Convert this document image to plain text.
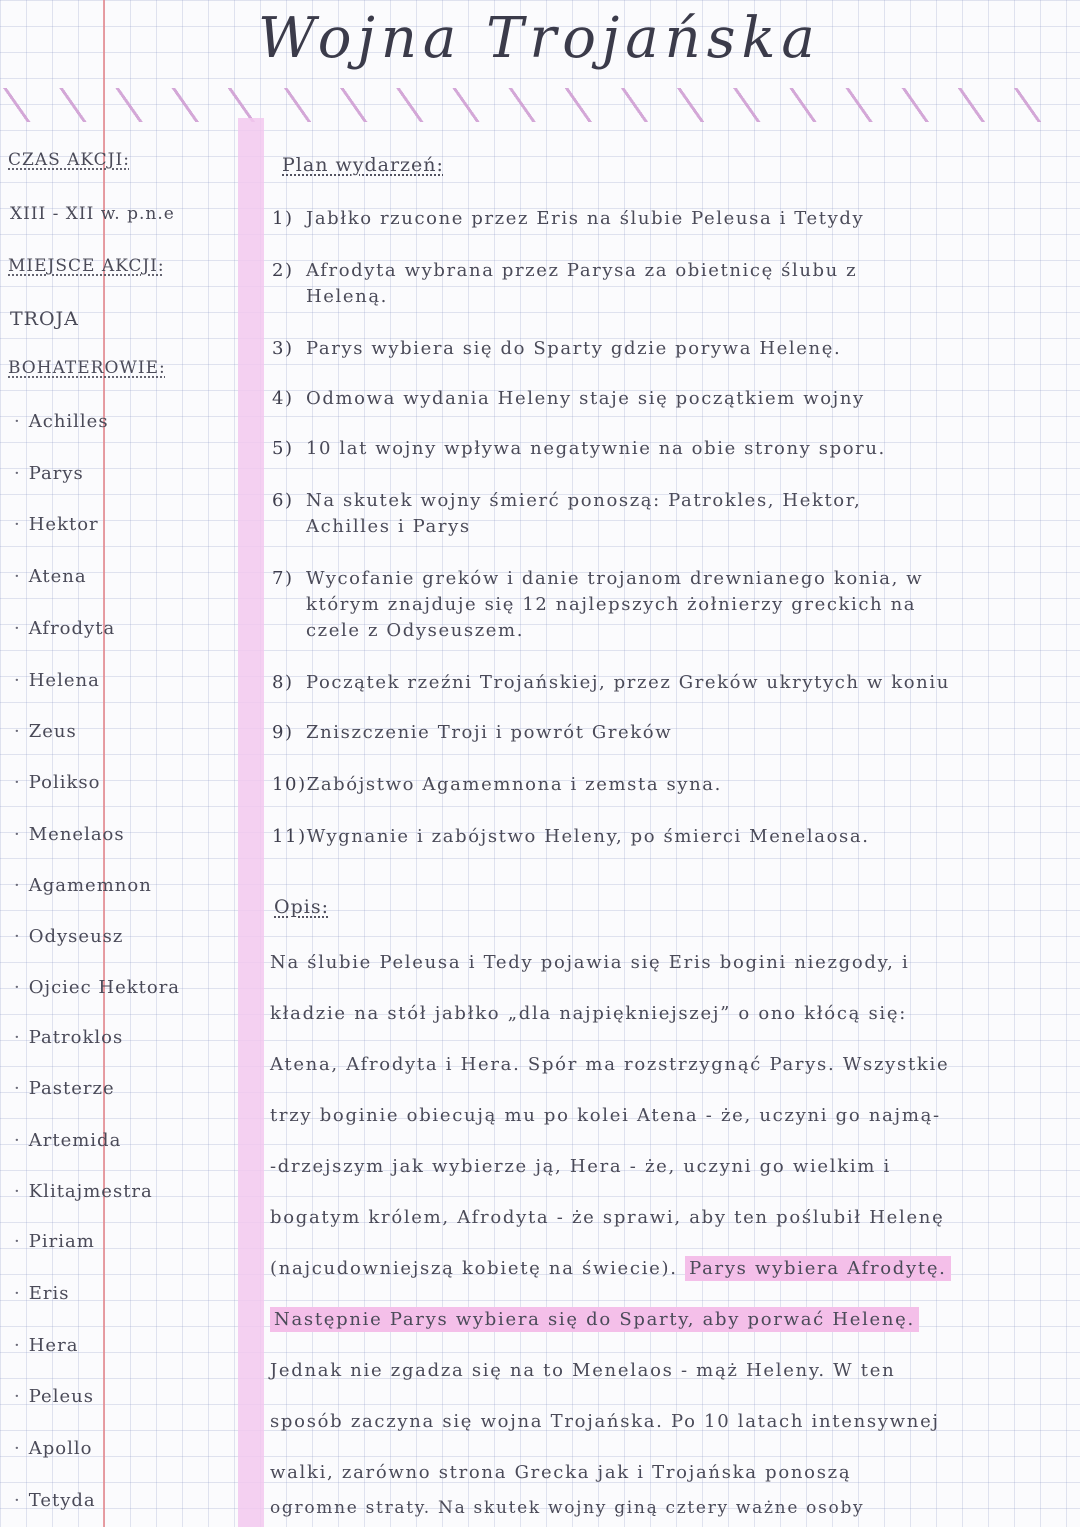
Wojna Trojańska
CZAS AKCJI:
XIII - XII w. p.n.e
MIEJSCE AKCJI:
TROJA
BOHATEROWIE:
· Achilles
· Parys
· Hektor
· Atena
· Afrodyta
· Helena
· Zeus
· Polikso
· Menelaos
· Agamemnon
· Odyseusz
· Ojciec Hektora
· Patroklos
· Pasterze
· Artemida
· Klitajmestra
· Piriam
· Eris
· Hera
· Peleus
· Apollo
· Tetyda
Plan wydarzeń:
1) Jabłko rzucone przez Eris na ślubie Peleusa i Tetydy
2) Afrodyta wybrana przez Parysa za obietnicę ślubu z
Heleną.
3) Parys wybiera się do Sparty gdzie porywa Helenę.
4) Odmowa wydania Heleny staje się początkiem wojny
5) 10 lat wojny wpływa negatywnie na obie strony sporu.
6) Na skutek wojny śmierć ponoszą: Patrokles, Hektor,
Achilles i Parys
7) Wycofanie greków i danie trojanom drewnianego konia, w
którym znajduje się 12 najlepszych żołnierzy greckich na
czele z Odyseuszem.
8) Początek rzeźni Trojańskiej, przez Greków ukrytych w koniu
9) Zniszczenie Troji i powrót Greków
10)Zabójstwo Agamemnona i zemsta syna.
11)Wygnanie i zabójstwo Heleny, po śmierci Menelaosa.
Opis:
Na ślubie Peleusa i Tedy pojawia się Eris bogini niezgody, i
kładzie na stół jabłko „dla najpiękniejszej” o ono kłócą się:
Atena, Afrodyta i Hera. Spór ma rozstrzygnąć Parys. Wszystkie
trzy boginie obiecują mu po kolei Atena - że, uczyni go najmą-
-drzejszym jak wybierze ją, Hera - że, uczyni go wielkim i
bogatym królem, Afrodyta - że sprawi, aby ten poślubił Helenę
(najcudowniejszą kobietę na świecie). Parys wybiera Afrodytę.
Następnie Parys wybiera się do Sparty, aby porwać Helenę.
Jednak nie zgadza się na to Menelaos - mąż Heleny. W ten
sposób zaczyna się wojna Trojańska. Po 10 latach intensywnej
walki, zarówno strona Grecka jak i Trojańska ponoszą
ogromne straty. Na skutek wojny giną cztery ważne osoby
